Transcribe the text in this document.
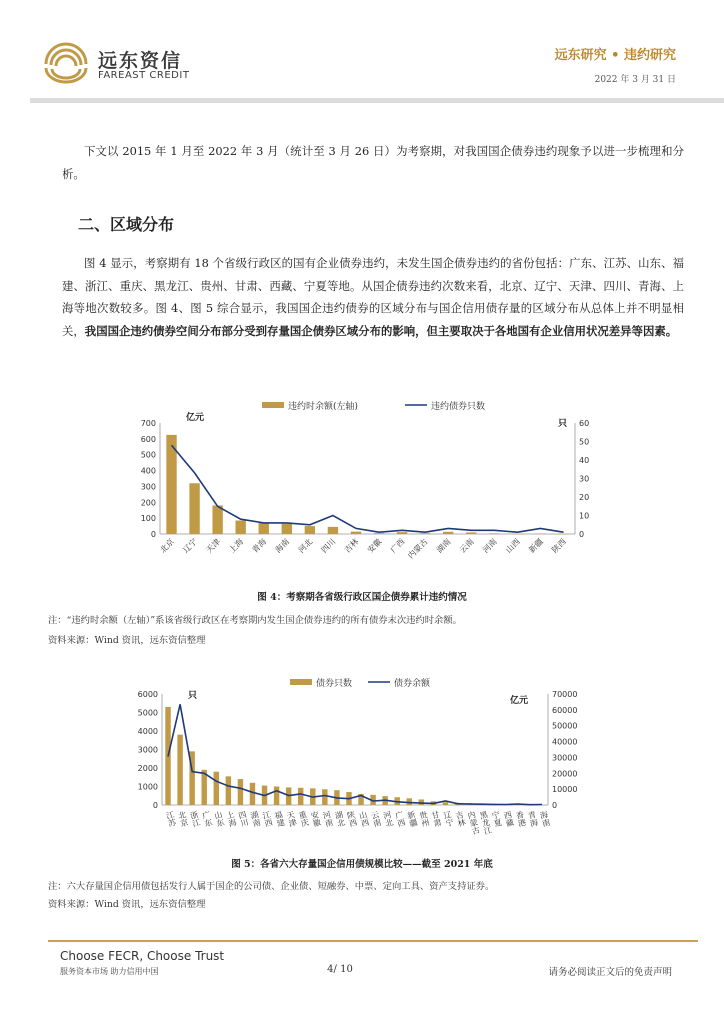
远东资信
FAREAST CREDIT
远东研究 • 违约研究
2022 年 3 月 31 日

下文以 2015 年 1 月至 2022 年 3 月（统计至 3 月 26 日）为考察期，对我国国企债券违约现象予以进一步梳理和分析。

二、区域分布

图 4 显示，考察期有 18 个省级行政区的国有企业债券违约，未发生国企债券违约的省份包括：广东、江苏、山东、福建、浙江、重庆、黑龙江、贵州、甘肃、西藏、宁夏等地。从国企债券违约次数来看，北京、辽宁、天津、四川、青海、上海等地次数较多。图 4、图 5 综合显示，我国国企违约债券的区域分布与国企信用债存量的区域分布从总体上并不明显相关，我国国企违约债券空间分布部分受到存量国企债券区域分布的影响，但主要取决于各地国有企业信用状况差异等因素。

违约时余额(左轴)	违约债券只数
亿元
只
0
100
200
300
400
500
600
700
0
10
20
30
40
50
60
北京 辽宁 天津 上海 青海 海南 河北 四川 吉林 安徽 广西 内蒙古 湖南 云南 河南 山西 新疆 陕西
图 4：考察期各省级行政区国企债券累计违约情况
注：“违约时余额（左轴）”系该省级行政区在考察期内发生国企债券违约的所有债券末次违约时余额。
资料来源：Wind 资讯，远东资信整理
债券只数	债券余额
只	亿元
0
1000
2000
3000
4000
5000
6000
0
10000
20000
30000
40000
50000
60000
70000
江苏 北京 浙江 广东 山东 上海 四川 湖南 江西 福建 天津 重庆 安徽 河南 湖北 陕西 山西 云南 河北 广西 新疆 贵州 甘肃 辽宁 吉林 内蒙古
黑龙江
宁夏 西藏 香港 青海 海南
图 5：各省六大存量国企信用债规模比较——截至 2021 年底
注：六大存量国企信用债包括发行人属于国企的公司债、企业债、短融券、中票、定向工具、资产支持证券。
资料来源：Wind 资讯，远东资信整理
Choose FECR, Choose Trust
服务资本市场 助力信用中国	4/ 10	请务必阅读正文后的免责声明
